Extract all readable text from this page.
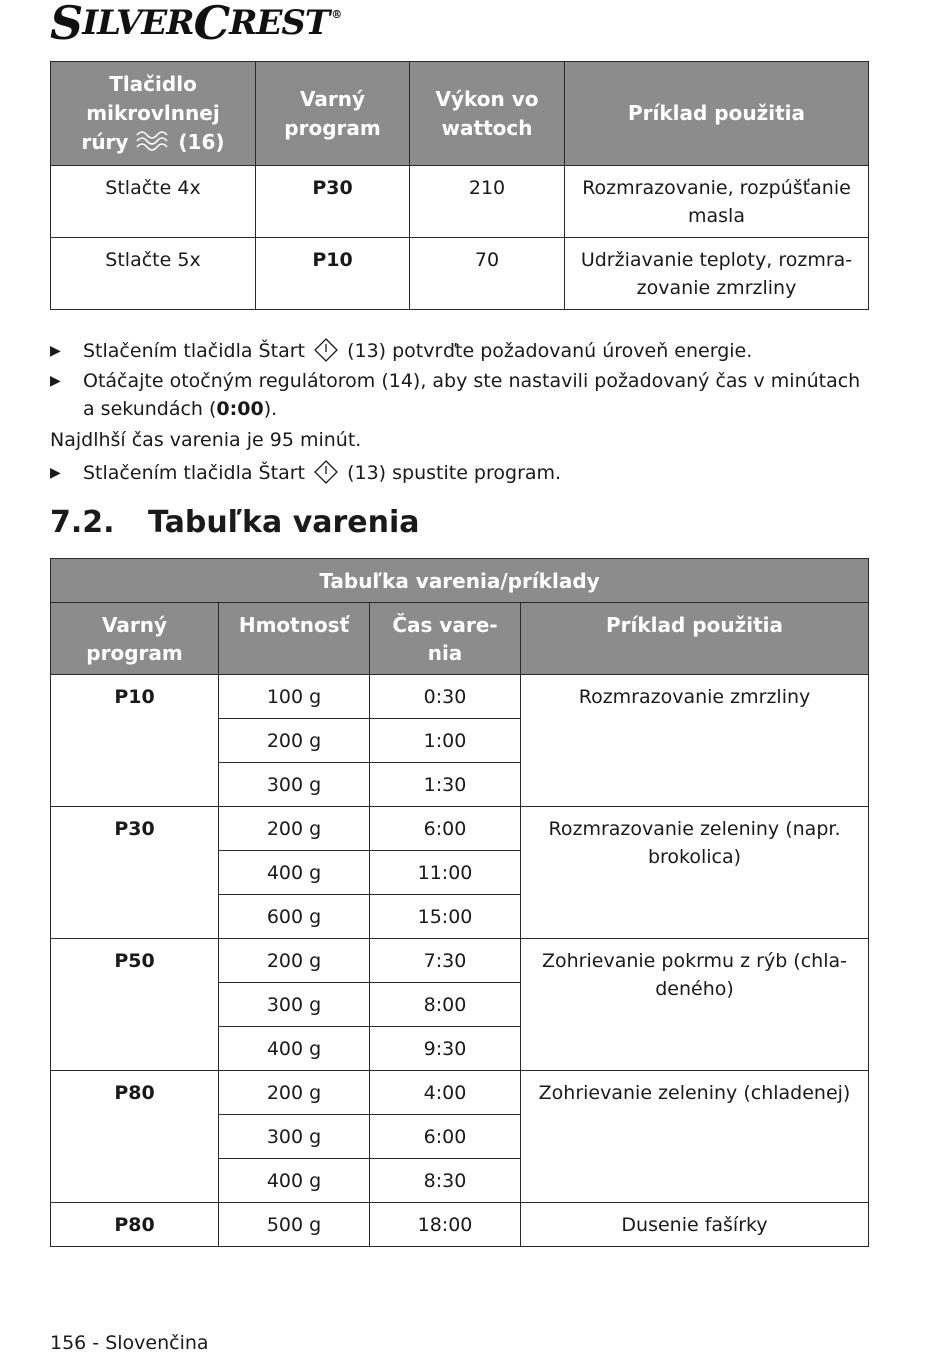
S ILVER C REST ®
Tlačidlo
mikrovlnnej
rúry (16)	Varný program	Výkon vo wattoch	Príklad použitia
Stlačte 4x	P30	210	Rozmrazovanie, rozpúšťanie masla
Stlačte 5x	P10	70	Udržiavanie teploty, rozmra-zovanie zmrzliny
▶ Stlačením tlačidla Štart (13) potvrďte požadovanú úroveň energie.
▶ Otáčajte otočným regulátorom (14), aby ste nastavili požadovaný čas v minútach
a sekundách (0:00).
Najdlhší čas varenia je 95 minút.
▶ Stlačením tlačidla Štart (13) spustite program.
7.2. Tabuľka varenia
Tabuľka varenia/príklady			
Varný program	Hmotnosť	Čas vare-nia	Príklad použitia
P10	100 g	0:30	Rozmrazovanie zmrzliny
	200 g	1:00	
	300 g	1:30	
P30	200 g	6:00	Rozmrazovanie zeleniny (napr. brokolica)
	400 g	11:00	
	600 g	15:00	
P50	200 g	7:30	Zohrievanie pokrmu z rýb (chla-deného)
	300 g	8:00	
	400 g	9:30	
P80	200 g	4:00	Zohrievanie zeleniny (chladenej)
	300 g	6:00	
	400 g	8:30	
P80	500 g	18:00	Dusenie fašírky
156 - Slovenčina
